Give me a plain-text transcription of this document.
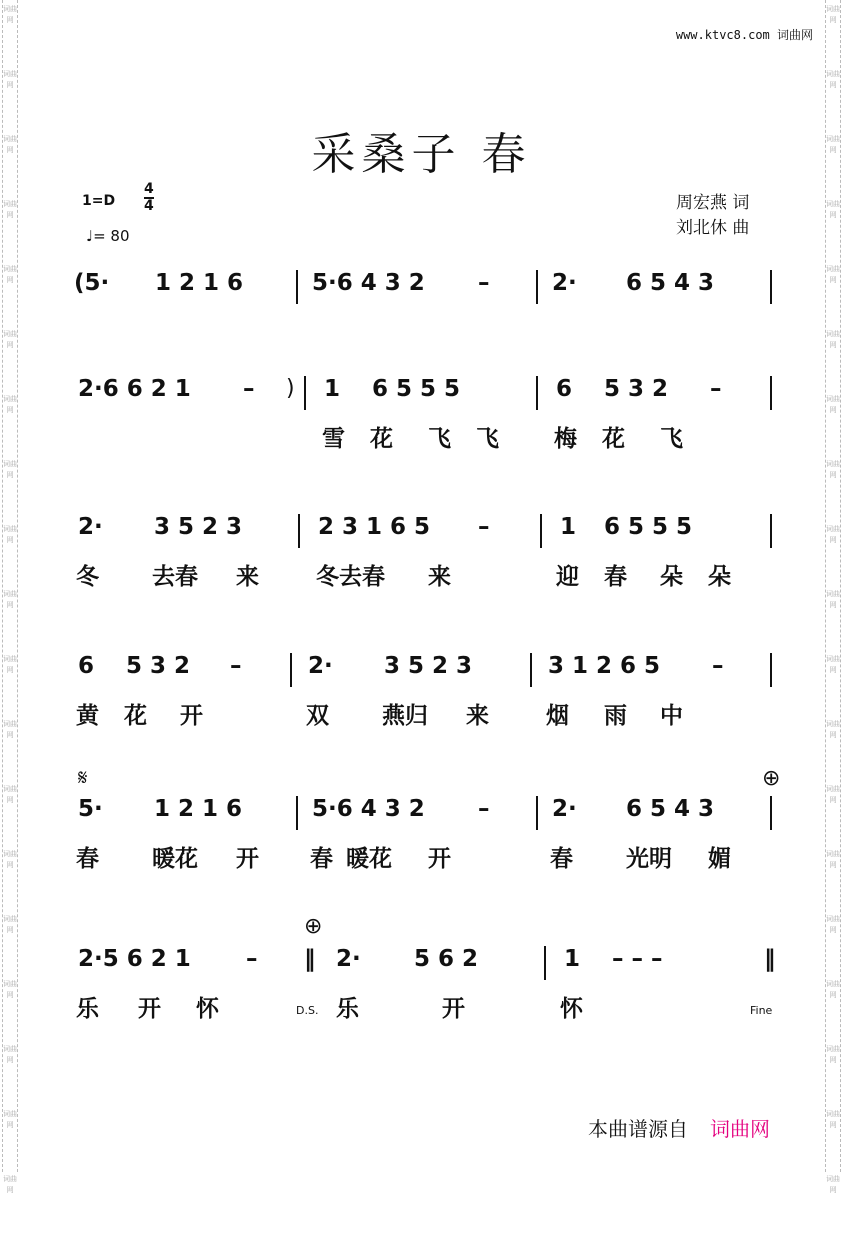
词曲网
词曲网
词曲网
词曲网
词曲网
词曲网
词曲网
词曲网
词曲网
词曲网
词曲网
词曲网
词曲网
词曲网
词曲网
词曲网
词曲网
词曲网
词曲网
词曲网
词曲网
词曲网
词曲网
词曲网
词曲网
词曲网
词曲网
词曲网
词曲网
词曲网
词曲网
词曲网
词曲网
词曲网
词曲网
词曲网
词曲网
词曲网
www.ktvc8.com 词曲网
采桑子 春
1=D
4
4
♩= 80
周宏燕 词
刘北休 曲
(5· 1 2 1 6	5·6 4 3 2 –	2· 6 5 4 3
2·6 6 2 1 – ) 1 6 5 5 5	6 5 3 2 –
雪 花 飞 飞 梅 花 飞
2· 3 5 2 3	2 3 1 6 5 –	1 6 5 5 5
冬 去春 来 冬去春 来	迎 春 朵 朵
6 5 3 2 –	2· 3 5 2 3	3 1 2 6 5 –
黄 花 开	双 燕归 来 烟 雨 中
𝄋	⊕
5· 1 2 1 6	5·6 4 3 2 –	2· 6 5 4 3
春 暖花 开 春 暖花 开	春 光明 媚
⊕
2·5 6 2 1 – ‖ 2· 5 6 2	1 – – –	‖
乐 开 怀	D.S. 乐	开	怀	Fine
本曲谱源自 词曲网
